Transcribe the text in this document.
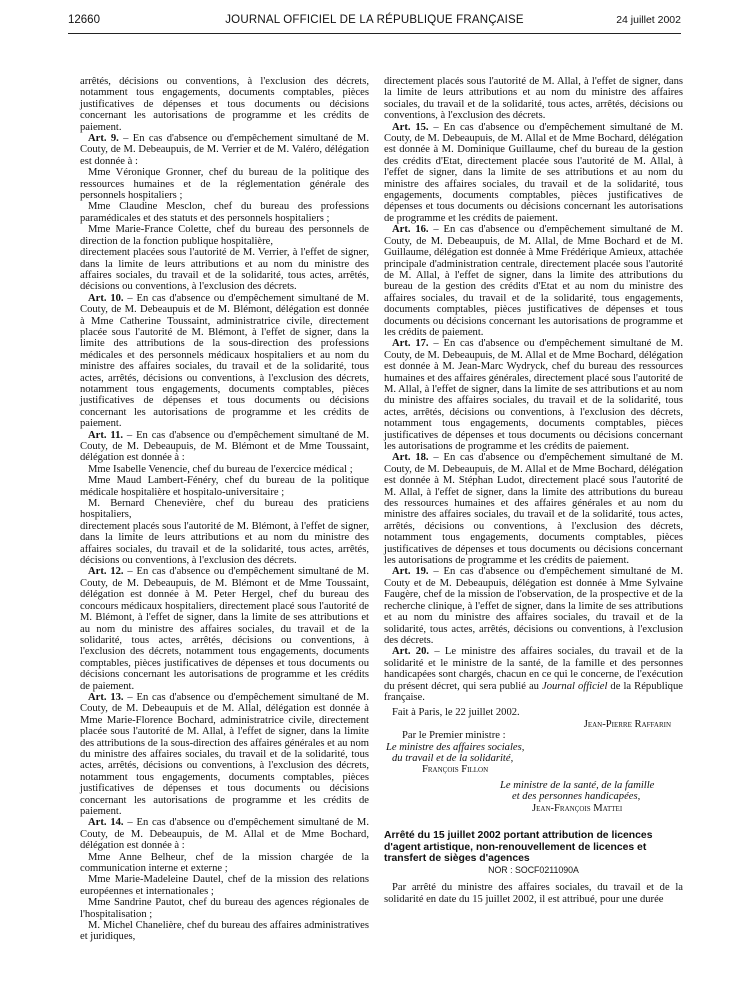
12660	JOURNAL OFFICIEL DE LA RÉPUBLIQUE FRANÇAISE	24 juillet 2002

arrêtés, décisions ou conventions, à l'exclusion des décrets, notamment tous engagements, documents comptables, pièces justificatives de dépenses et tous documents ou décisions concernant les autorisations de programme et les crédits de paiement.

Art. 9. – En cas d'absence ou d'empêchement simultané de M. Couty, de M. Debeaupuis, de M. Verrier et de M. Valéro, délégation est donnée à :

Mme Véronique Gronner, chef du bureau de la politique des ressources humaines et de la réglementation générale des personnels hospitaliers ;

Mme Claudine Mesclon, chef du bureau des professions paramédicales et des statuts et des personnels hospitaliers ;

Mme Marie-France Colette, chef du bureau des personnels de direction de la fonction publique hospitalière,

directement placées sous l'autorité de M. Verrier, à l'effet de signer, dans la limite de leurs attributions et au nom du ministre des affaires sociales, du travail et de la solidarité, tous actes, arrêtés, décisions ou conventions, à l'exclusion des décrets.

Art. 10. – En cas d'absence ou d'empêchement simultané de M. Couty, de M. Debeaupuis et de M. Blémont, délégation est donnée à Mme Catherine Toussaint, administratrice civile, directement placée sous l'autorité de M. Blémont, à l'effet de signer, dans la limite des attributions de la sous-direction des professions médicales et des personnels médicaux hospitaliers et au nom du ministre des affaires sociales, du travail et de la solidarité, tous actes, arrêtés, décisions ou conventions, à l'exclusion des décrets, notamment tous engagements, documents comptables, pièces justificatives de dépenses et tous documents ou décisions concernant les autorisations de programme et les crédits de paiement.

Art. 11. – En cas d'absence ou d'empêchement simultané de M. Couty, de M. Debeaupuis, de M. Blémont et de Mme Toussaint, délégation est donnée à :

Mme Isabelle Venencie, chef du bureau de l'exercice médical ;

Mme Maud Lambert-Fénéry, chef du bureau de la politique médicale hospitalière et hospitalo-universitaire ;

M. Bernard Chenevière, chef du bureau des praticiens hospitaliers,

directement placés sous l'autorité de M. Blémont, à l'effet de signer, dans la limite de leurs attributions et au nom du ministre des affaires sociales, du travail et de la solidarité, tous actes, arrêtés, décisions ou conventions, à l'exclusion des décrets.

Art. 12. – En cas d'absence ou d'empêchement simultané de M. Couty, de M. Debeaupuis, de M. Blémont et de Mme Toussaint, délégation est donnée à M. Peter Hergel, chef du bureau des concours médicaux hospitaliers, directement placé sous l'autorité de M. Blémont, à l'effet de signer, dans la limite de ses attributions et au nom du ministre des affaires sociales, du travail et de la solidarité, tous actes, arrêtés, décisions ou conventions, à l'exclusion des décrets, notamment tous engagements, documents comptables, pièces justificatives de dépenses et tous documents ou décisions concernant les autorisations de programme et les crédits de paiement.

Art. 13. – En cas d'absence ou d'empêchement simultané de M. Couty, de M. Debeaupuis et de M. Allal, délégation est donnée à Mme Marie-Florence Bochard, administratrice civile, directement placée sous l'autorité de M. Allal, à l'effet de signer, dans la limite des attributions de la sous-direction des affaires générales et au nom du ministre des affaires sociales, du travail et de la solidarité, tous actes, arrêtés, décisions ou conventions, à l'exclusion des décrets, notamment tous engagements, documents comptables, pièces justificatives de dépenses et tous documents ou décisions concernant les autorisations de programme et les crédits de paiement.

Art. 14. – En cas d'absence ou d'empêchement simultané de M. Couty, de M. Debeaupuis, de M. Allal et de Mme Bochard, délégation est donnée à :

Mme Anne Belheur, chef de la mission chargée de la communication interne et externe ;

Mme Marie-Madeleine Dautel, chef de la mission des relations européennes et internationales ;

Mme Sandrine Pautot, chef du bureau des agences régionales de l'hospitalisation ;

M. Michel Chanelière, chef du bureau des affaires administratives et juridiques,

directement placés sous l'autorité de M. Allal, à l'effet de signer, dans la limite de leurs attributions et au nom du ministre des affaires sociales, du travail et de la solidarité, tous actes, arrêtés, décisions ou conventions, à l'exclusion des décrets.

Art. 15. – En cas d'absence ou d'empêchement simultané de M. Couty, de M. Debeaupuis, de M. Allal et de Mme Bochard, délégation est donnée à M. Dominique Guillaume, chef du bureau de la gestion des crédits d'Etat, directement placée sous l'autorité de M. Allal, à l'effet de signer, dans la limite de ses attributions et au nom du ministre des affaires sociales, du travail et de la solidarité, tous engagements, documents comptables, pièces justificatives de dépenses et tous documents ou décisions concernant les autorisations de programme et les crédits de paiement.

Art. 16. – En cas d'absence ou d'empêchement simultané de M. Couty, de M. Debeaupuis, de M. Allal, de Mme Bochard et de M. Guillaume, délégation est donnée à Mme Frédérique Amieux, attachée principale d'administration centrale, directement placée sous l'autorité de M. Allal, à l'effet de signer, dans la limite des attributions du bureau de la gestion des crédits d'Etat et au nom du ministre des affaires sociales, du travail et de la solidarité, tous engagements, documents comptables, pièces justificatives de dépenses et tous documents ou décisions concernant les autorisations de programme et les crédits de paiement.

Art. 17. – En cas d'absence ou d'empêchement simultané de M. Couty, de M. Debeaupuis, de M. Allal et de Mme Bochard, délégation est donnée à M. Jean-Marc Wydryck, chef du bureau des ressources humaines et des affaires générales, directement placé sous l'autorité de M. Allal, à l'effet de signer, dans la limite de ses attributions et au nom du ministre des affaires sociales, du travail et de la solidarité, tous actes, arrêtés, décisions ou conventions, à l'exclusion des décrets, notamment tous engagements, documents comptables, pièces justificatives de dépenses et tous documents ou décisions concernant les autorisations de programme et les crédits de paiement.

Art. 18. – En cas d'absence ou d'empêchement simultané de M. Couty, de M. Debeaupuis, de M. Allal et de Mme Bochard, délégation est donnée à M. Stéphan Ludot, directement placé sous l'autorité de M. Allal, à l'effet de signer, dans la limite des attributions du bureau des ressources humaines et des affaires générales et au nom du ministre des affaires sociales, du travail et de la solidarité, tous actes, arrêtés, décisions ou conventions, à l'exclusion des décrets, notamment tous engagements, documents comptables, pièces justificatives de dépenses et tous documents ou décisions concernant les autorisations de programme et les crédits de paiement.

Art. 19. – En cas d'absence ou d'empêchement simultané de M. Couty et de M. Debeaupuis, délégation est donnée à Mme Sylvaine Faugère, chef de la mission de l'observation, de la prospective et de la recherche clinique, à l'effet de signer, dans la limite de ses attributions et au nom du ministre des affaires sociales, du travail et de la solidarité, tous actes, arrêtés, décisions ou conventions, à l'exclusion des décrets.

Art. 20. – Le ministre des affaires sociales, du travail et de la solidarité et le ministre de la santé, de la famille et des personnes handicapées sont chargés, chacun en ce qui le concerne, de l'exécution du présent décret, qui sera publié au Journal officiel de la République française.

Fait à Paris, le 22 juillet 2002.

Jean-Pierre Raffarin

Par le Premier ministre :

Le ministre des affaires sociales,

du travail et de la solidarité,

François Fillon

Le ministre de la santé, de la famille

et des personnes handicapées,

Jean-François Mattei

Arrêté du 15 juillet 2002 portant attribution de licences d'agent artistique, non-renouvellement de licences et transfert de sièges d'agences

NOR : SOCF0211090A

Par arrêté du ministre des affaires sociales, du travail et de la solidarité en date du 15 juillet 2002, il est attribué, pour une durée
